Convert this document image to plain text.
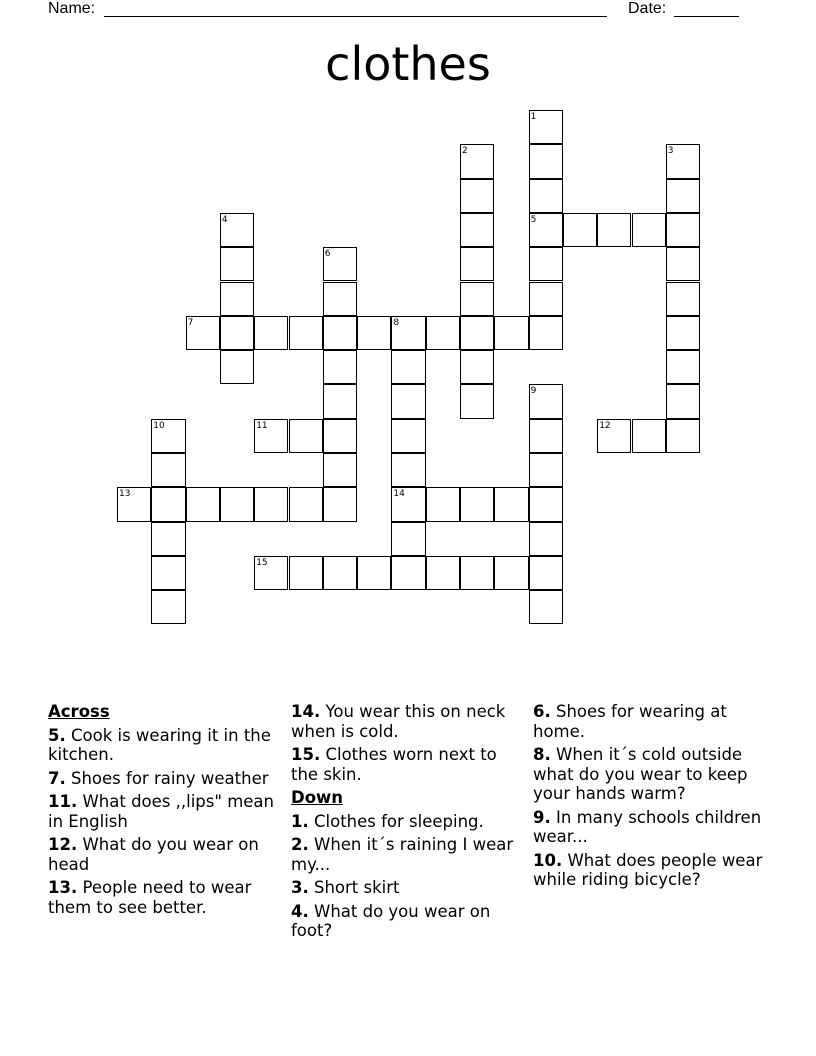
Name:	Date:
clothes
1
5
2	3
4
6
7	8
14
9
10	11	12
13
15
Across
5. Cook is wearing it in the kitchen.
7. Shoes for rainy weather
11. What does ,,lips" mean in English
12. What do you wear on head
13. People need to wear them to see better.
14. You wear this on neck when is cold.
15. Clothes worn next to the skin.
Down
1. Clothes for sleeping.
2. When it´s raining I wear my...
3. Short skirt
4. What do you wear on foot?
6. Shoes for wearing at home.
8. When it´s cold outside what do you wear to keep your hands warm?
9. In many schools children wear...
10. What does people wear while riding bicycle?
